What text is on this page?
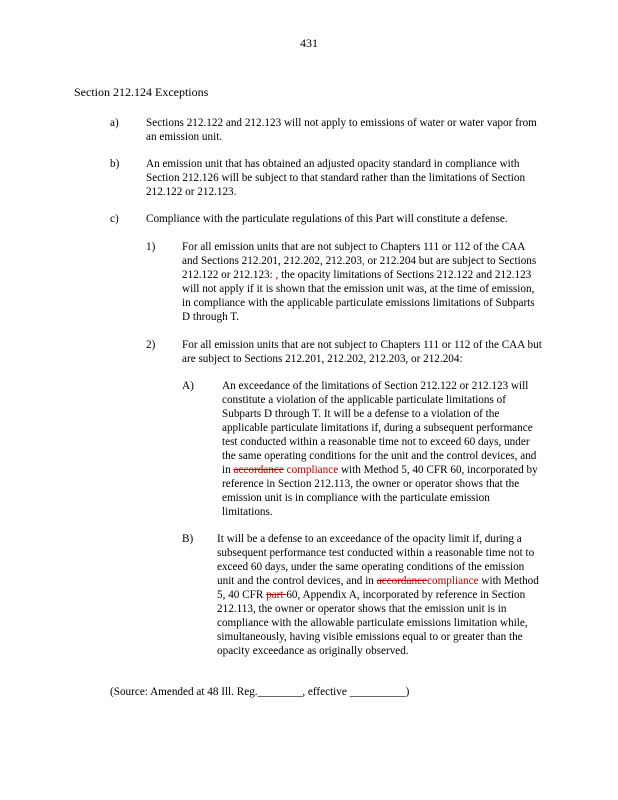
431
Section 212.124 Exceptions
a) Sections 212.122 and 212.123 will not apply to emissions of water or water vapor from an emission unit.
b) An emission unit that has obtained an adjusted opacity standard in compliance with Section 212.126 will be subject to that standard rather than the limitations of Section 212.122 or 212.123.
c) Compliance with the particulate regulations of this Part will constitute a defense.
1) For all emission units that are not subject to Chapters 111 or 112 of the CAA and Sections 212.201, 212.202, 212.203, or 212.204 but are subject to Sections 212.122 or 212.123: , the opacity limitations of Sections 212.122 and 212.123 will not apply if it is shown that the emission unit was, at the time of emission, in compliance with the applicable particulate emissions limitations of Subparts D through T.
2) For all emission units that are not subject to Chapters 111 or 112 of the CAA but are subject to Sections 212.201, 212.202, 212.203, or 212.204:
A)	An exceedance of the limitations of Section 212.122 or 212.123 will constitute a violation of the applicable particulate limitations of Subparts D through T. It will be a defense to a violation of the applicable particulate limitations if, during a subsequent performance test conducted within a reasonable time not to exceed 60 days, under the same operating conditions for the unit and the control devices, and in accordance compliance with Method 5, 40 CFR 60, incorporated by reference in Section 212.113, the owner or operator shows that the emission unit is in compliance with the particulate emission limitations.
B) It will be a defense to an exceedance of the opacity limit if, during a subsequent performance test conducted within a reasonable time not to exceed 60 days, under the same operating conditions of the emission unit and the control devices, and in accordancecompliance with Method 5, 40 CFR part 60, Appendix A, incorporated by reference in Section 212.113, the owner or operator shows that the emission unit is in compliance with the allowable particulate emissions limitation while, simultaneously, having visible emissions equal to or greater than the opacity exceedance as originally observed.
(Source: Amended at 48 Ill. Reg.________, effective __________)
